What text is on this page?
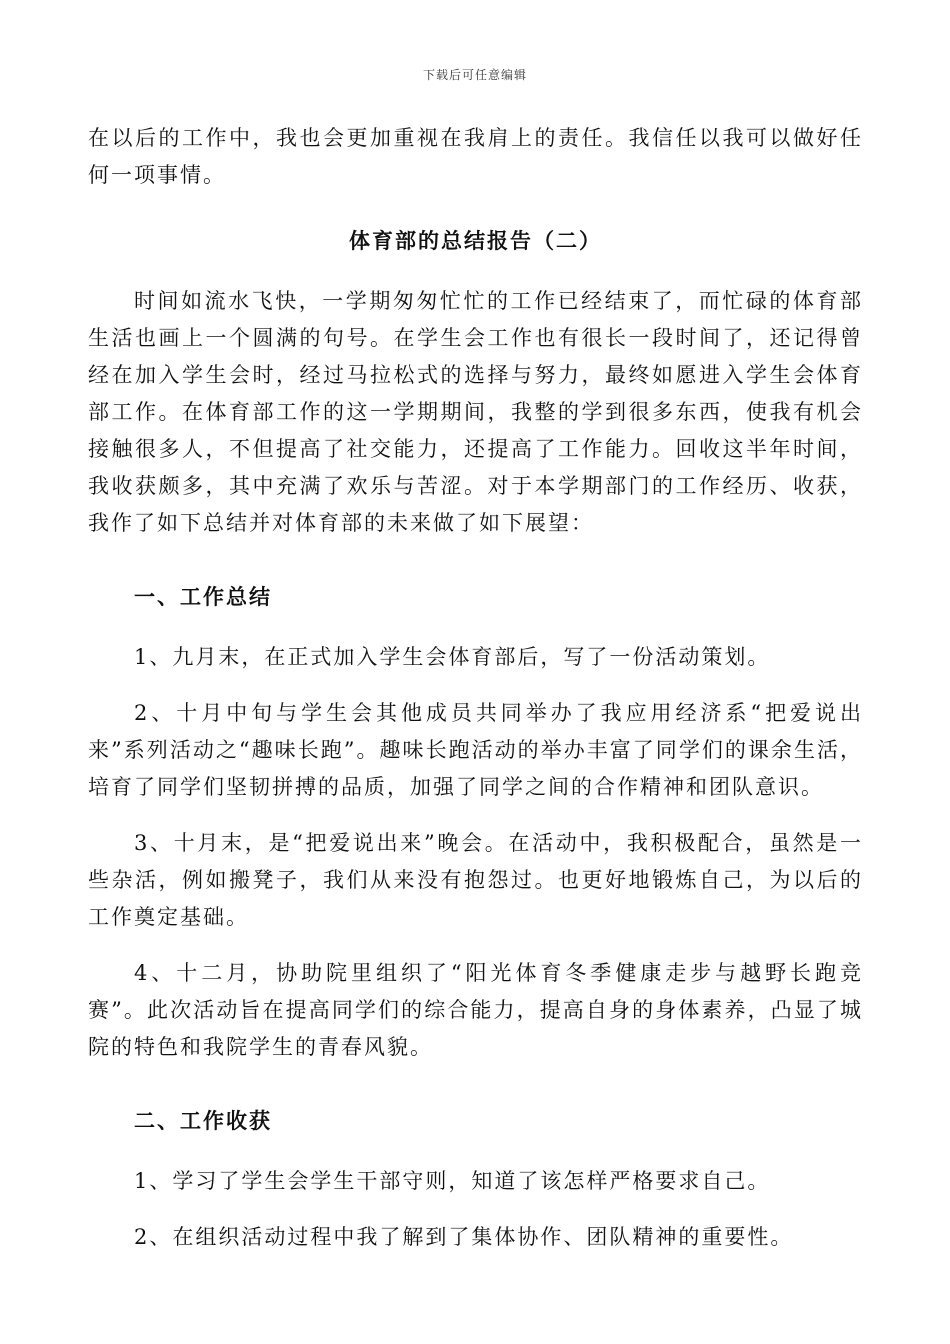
下载后可任意编辑

在以后的工作中，我也会更加重视在我肩上的责任。我信任以我可以做好任何一项事情。

体育部的总结报告（二）

时间如流水飞快，一学期匆匆忙忙的工作已经结束了，而忙碌的体育部生活也画上一个圆满的句号。在学生会工作也有很长一段时间了，还记得曾经在加入学生会时，经过马拉松式的选择与努力，最终如愿进入学生会体育部工作。在体育部工作的这一学期期间，我整的学到很多东西，使我有机会接触很多人，不但提高了社交能力，还提高了工作能力。回收这半年时间，我收获颇多，其中充满了欢乐与苦涩。对于本学期部门的工作经历、收获，我作了如下总结并对体育部的未来做了如下展望：

一、工作总结

1、九月末，在正式加入学生会体育部后，写了一份活动策划。

2、十月中旬与学生会其他成员共同举办了我应用经济系“把爱说出来”系列活动之“趣味长跑”。趣味长跑活动的举办丰富了同学们的课余生活，培育了同学们坚韧拼搏的品质，加强了同学之间的合作精神和团队意识。

3、十月末，是“把爱说出来”晚会。在活动中，我积极配合，虽然是一些杂活，例如搬凳子，我们从来没有抱怨过。也更好地锻炼自己，为以后的工作奠定基础。

4、十二月，协助院里组织了“阳光体育冬季健康走步与越野长跑竞赛”。此次活动旨在提高同学们的综合能力，提高自身的身体素养，凸显了城院的特色和我院学生的青春风貌。

二、工作收获

1、学习了学生会学生干部守则，知道了该怎样严格要求自己。

2、在组织活动过程中我了解到了集体协作、团队精神的重要性。
